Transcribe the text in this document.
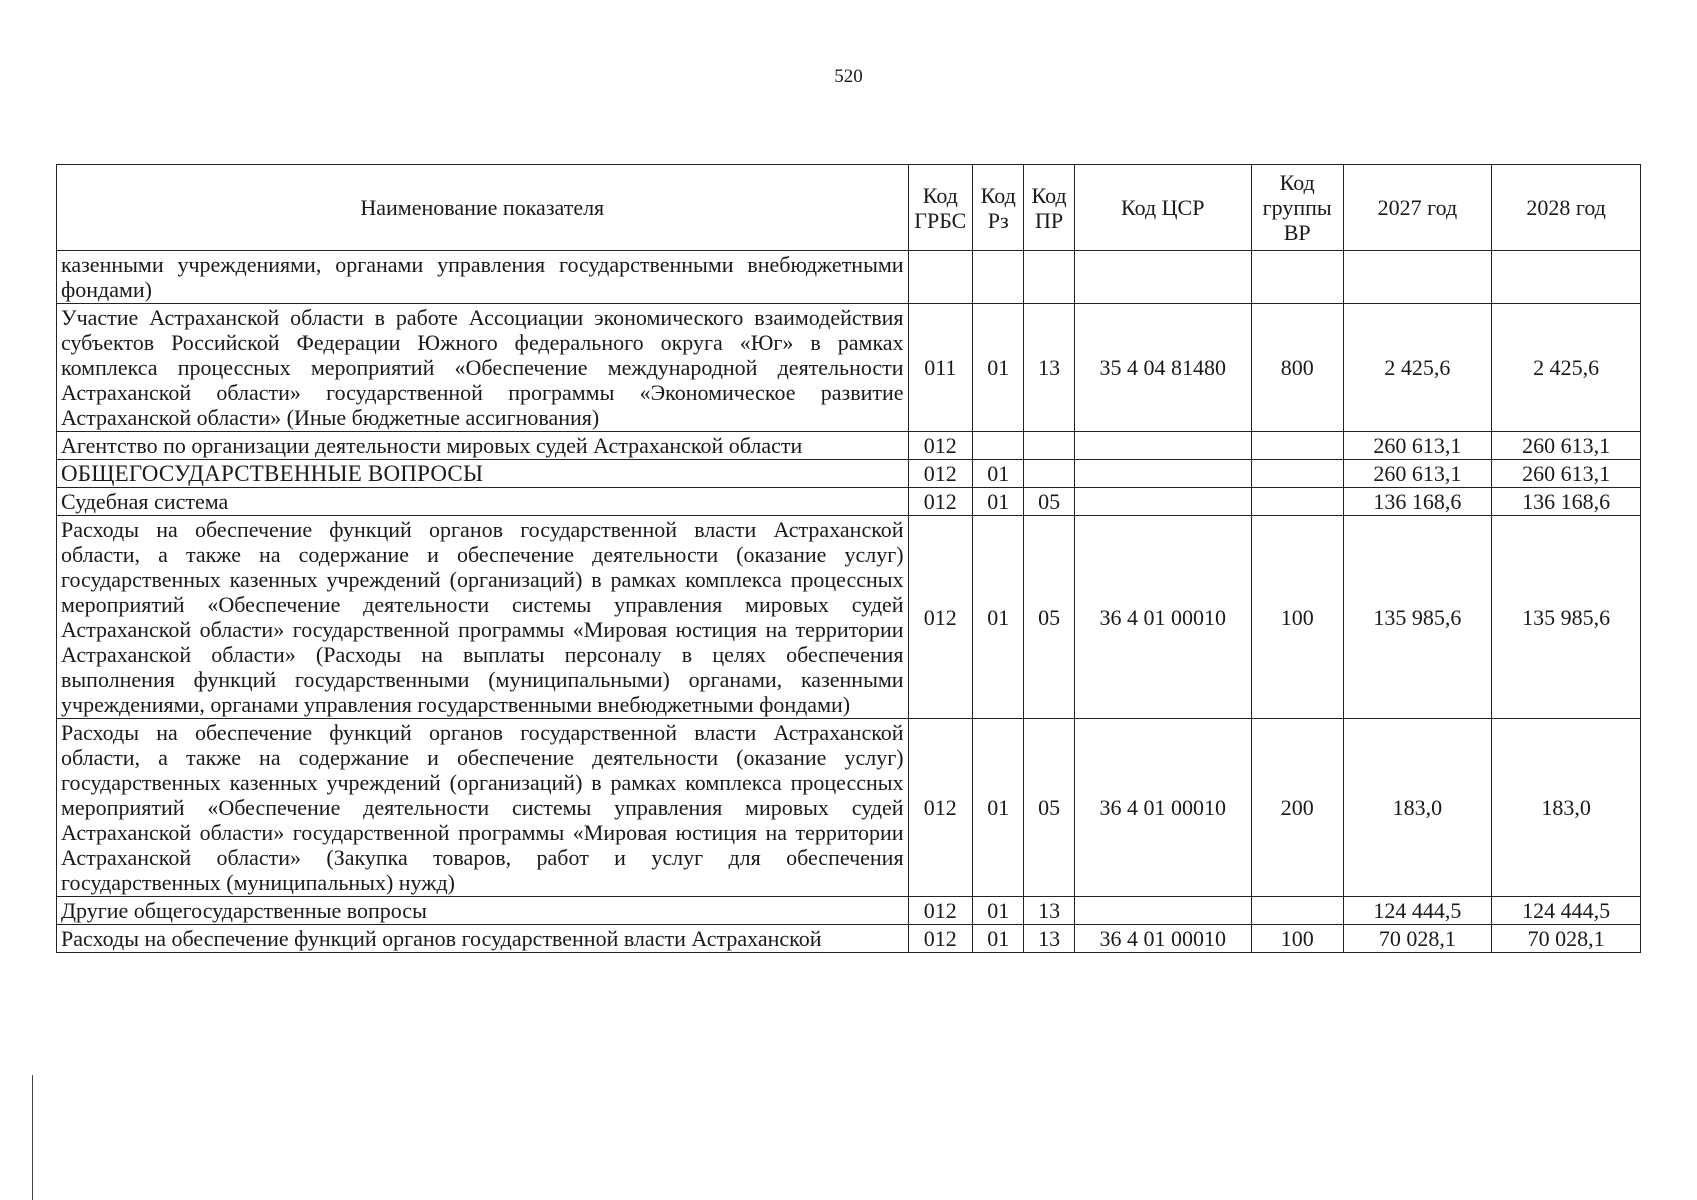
520
Наименование показателя	Код ГРБС	Код Рз	Код ПР	Код ЦСР	Код группы ВР	2027 год	2028 год
казенными учреждениями, органами управления государственными внебюджетными фондами)							
Участие Астраханской области в работе Ассоциации экономического взаимодействия субъектов Российской Федерации Южного федерального округа «Юг» в рамках комплекса процессных мероприятий «Обеспечение международной деятельности Астраханской области» государственной программы «Экономическое развитие Астраханской области» (Иные бюджетные ассигнования)	011	01	13	35 4 04 81480	800	2 425,6	2 425,6
Агентство по организации деятельности мировых судей Астраханской области	012					260 613,1	260 613,1
ОБЩЕГОСУДАРСТВЕННЫЕ ВОПРОСЫ	012	01				260 613,1	260 613,1
Судебная система	012	01	05			136 168,6	136 168,6
Расходы на обеспечение функций органов государственной власти Астраханской области, а также на содержание и обеспечение деятельности (оказание услуг) государственных казенных учреждений (организаций) в рамках комплекса процессных мероприятий «Обеспечение деятельности системы управления мировых судей Астраханской области» государственной программы «Мировая юстиция на территории Астраханской области» (Расходы на выплаты персоналу в целях обеспечения выполнения функций государственными (муниципальными) органами, казенными учреждениями, органами управления государственными внебюджетными фондами)	012	01	05	36 4 01 00010	100	135 985,6	135 985,6
Расходы на обеспечение функций органов государственной власти Астраханской области, а также на содержание и обеспечение деятельности (оказание услуг) государственных казенных учреждений (организаций) в рамках комплекса процессных мероприятий «Обеспечение деятельности системы управления мировых судей Астраханской области» государственной программы «Мировая юстиция на территории Астраханской области» (Закупка товаров, работ и услуг для обеспечения государственных (муниципальных) нужд)	012	01	05	36 4 01 00010	200	183,0	183,0
Другие общегосударственные вопросы	012	01	13			124 444,5	124 444,5
Расходы на обеспечение функций органов государственной власти Астраханской	012	01	13	36 4 01 00010	100	70 028,1	70 028,1
